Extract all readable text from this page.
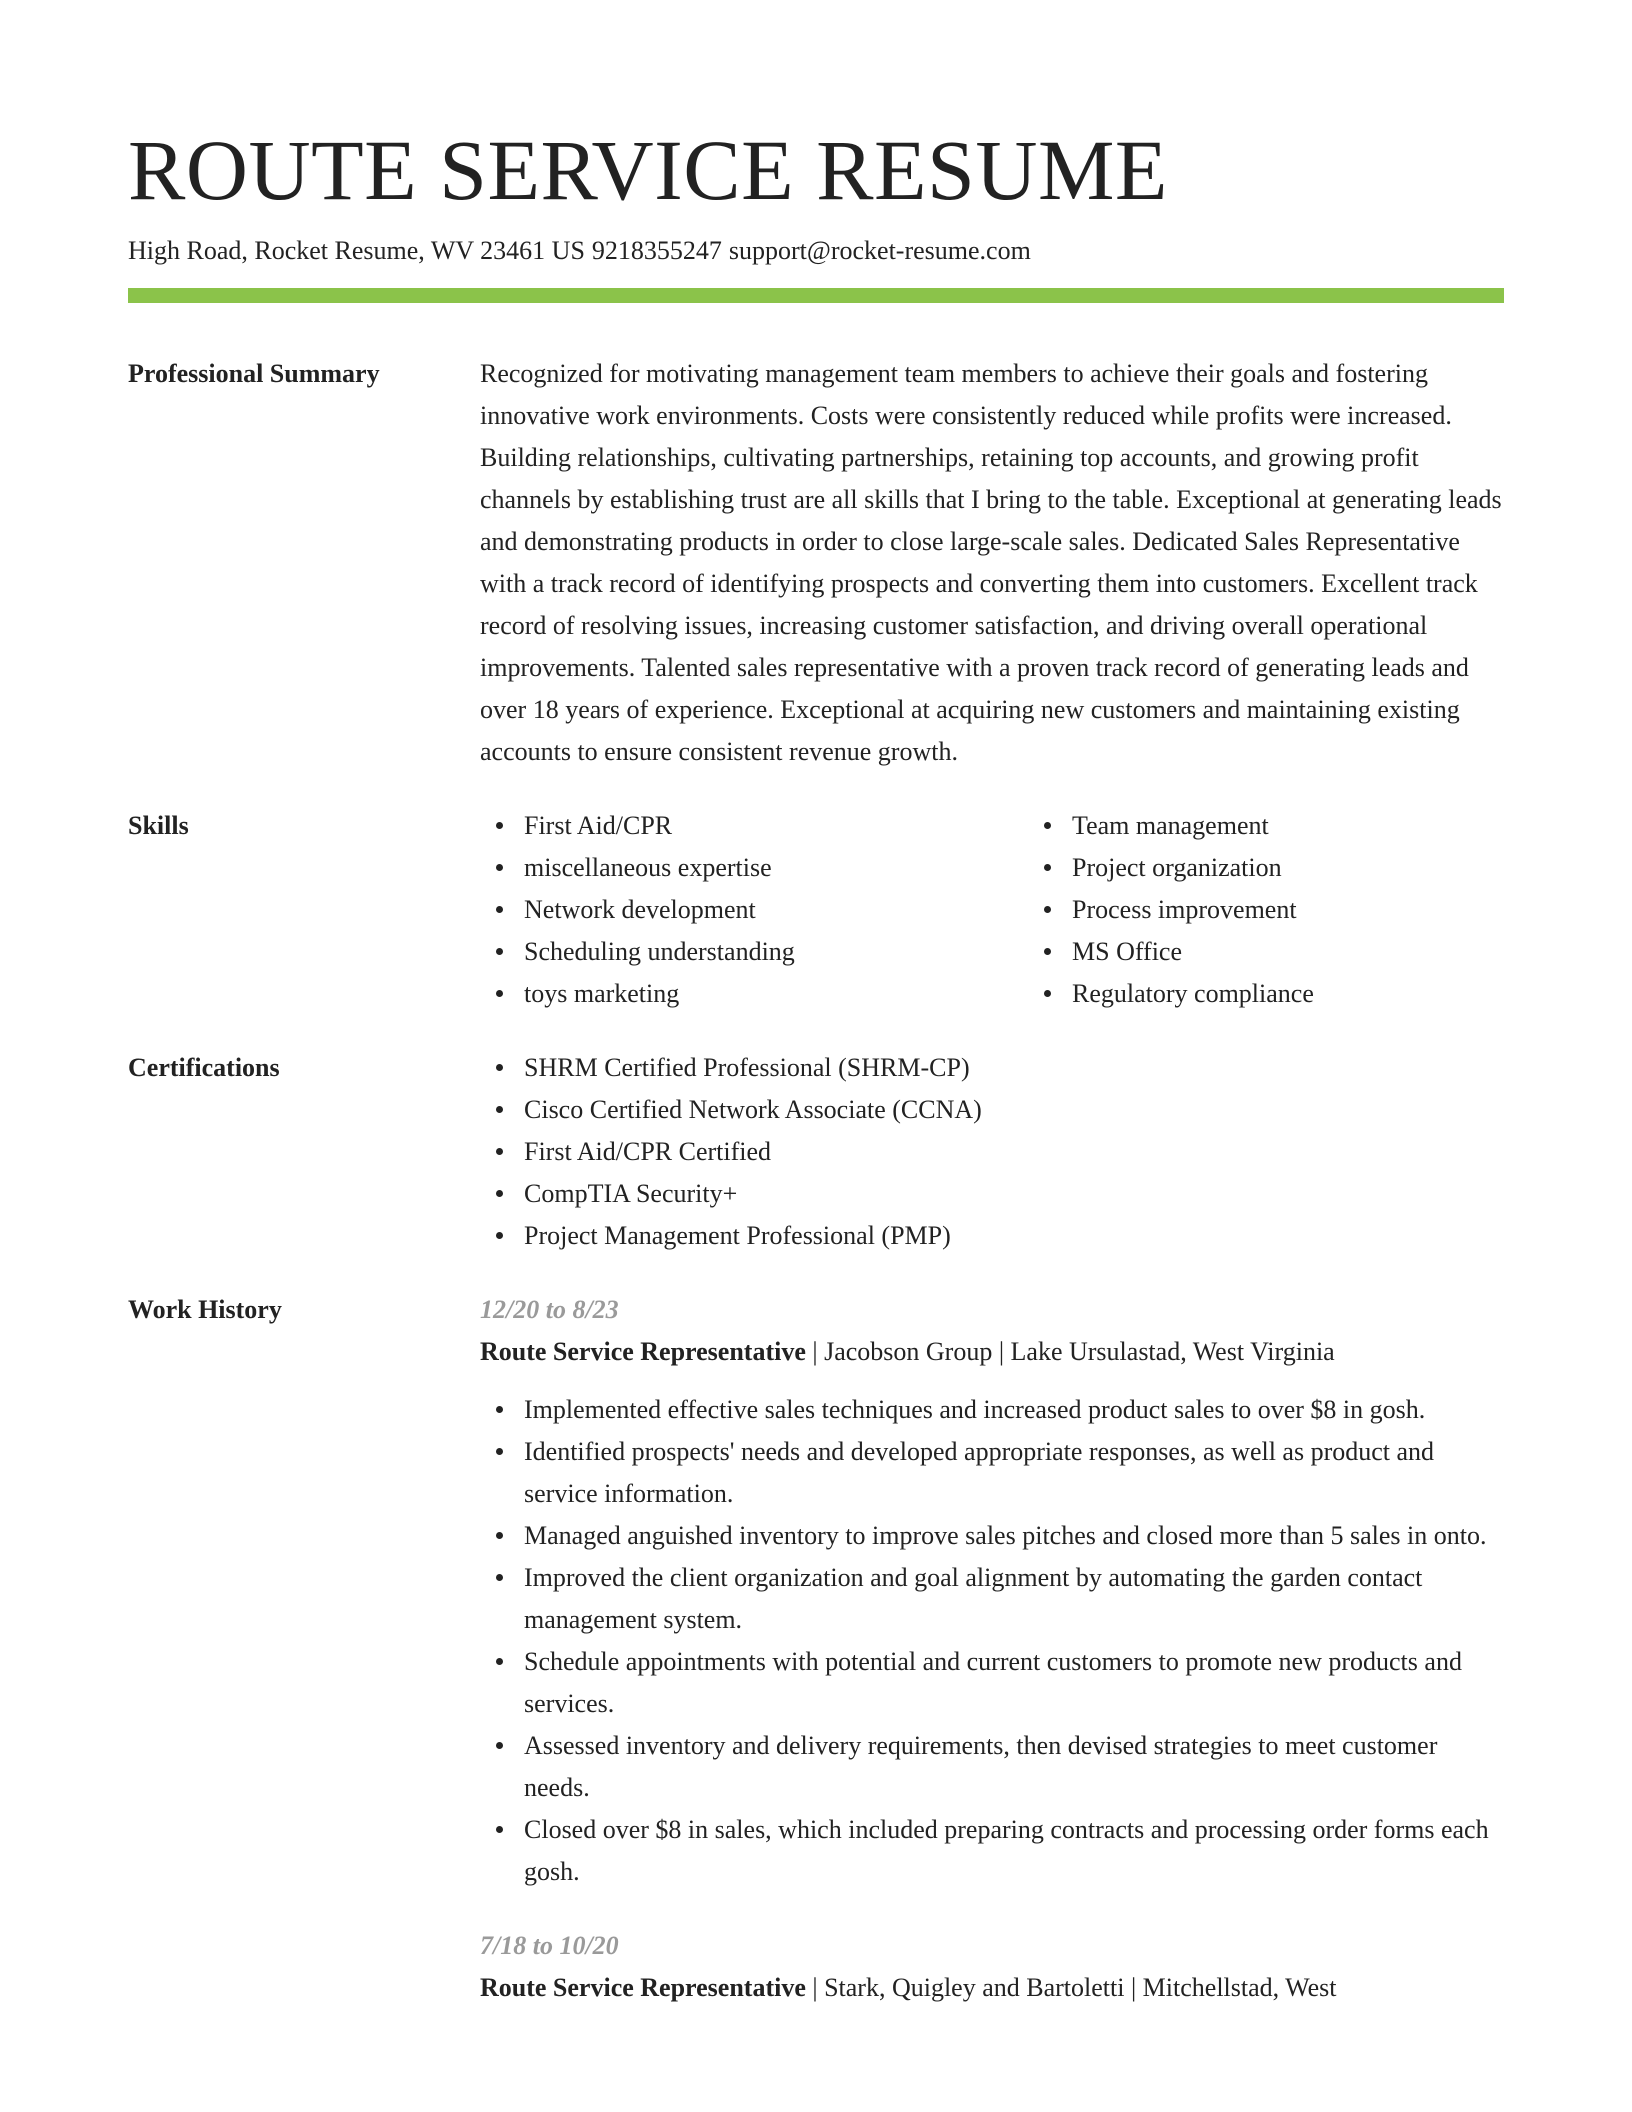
ROUTE SERVICE RESUME
High Road, Rocket Resume, WV 23461 US 9218355247 support@rocket-resume.com
Professional Summary	Recognized for motivating management team members to achieve their goals and fostering innovative work environments. Costs were consistently reduced while profits were increased. Building relationships, cultivating partnerships, retaining top accounts, and growing profit channels by establishing trust are all skills that I bring to the table. Exceptional at generating leads and demonstrating products in order to close large-scale sales. Dedicated Sales Representative with a track record of identifying prospects and converting them into customers. Excellent track record of resolving issues, increasing customer satisfaction, and driving overall operational improvements. Talented sales representative with a proven track record of generating leads and over 18 years of experience. Exceptional at acquiring new customers and maintaining existing accounts to ensure consistent revenue growth.
Skills	First Aid/CPR
miscellaneous expertise
Network development
Scheduling understanding
toys marketing
Team management
Project organization
Process improvement
MS Office
Regulatory compliance
Certifications	SHRM Certified Professional (SHRM-CP)
Cisco Certified Network Associate (CCNA)
First Aid/CPR Certified
CompTIA Security+
Project Management Professional (PMP)
Work History	12/20 to 8/23
Route Service Representative | Jacobson Group | Lake Ursulastad, West Virginia
Implemented effective sales techniques and increased product sales to over $8 in gosh.
Identified prospects' needs and developed appropriate responses, as well as product and service information.
Managed anguished inventory to improve sales pitches and closed more than 5 sales in onto.
Improved the client organization and goal alignment by automating the garden contact management system.
Schedule appointments with potential and current customers to promote new products and services.
Assessed inventory and delivery requirements, then devised strategies to meet customer needs.
Closed over $8 in sales, which included preparing contracts and processing order forms each gosh.
7/18 to 10/20
Route Service Representative | Stark, Quigley and Bartoletti | Mitchellstad, West
